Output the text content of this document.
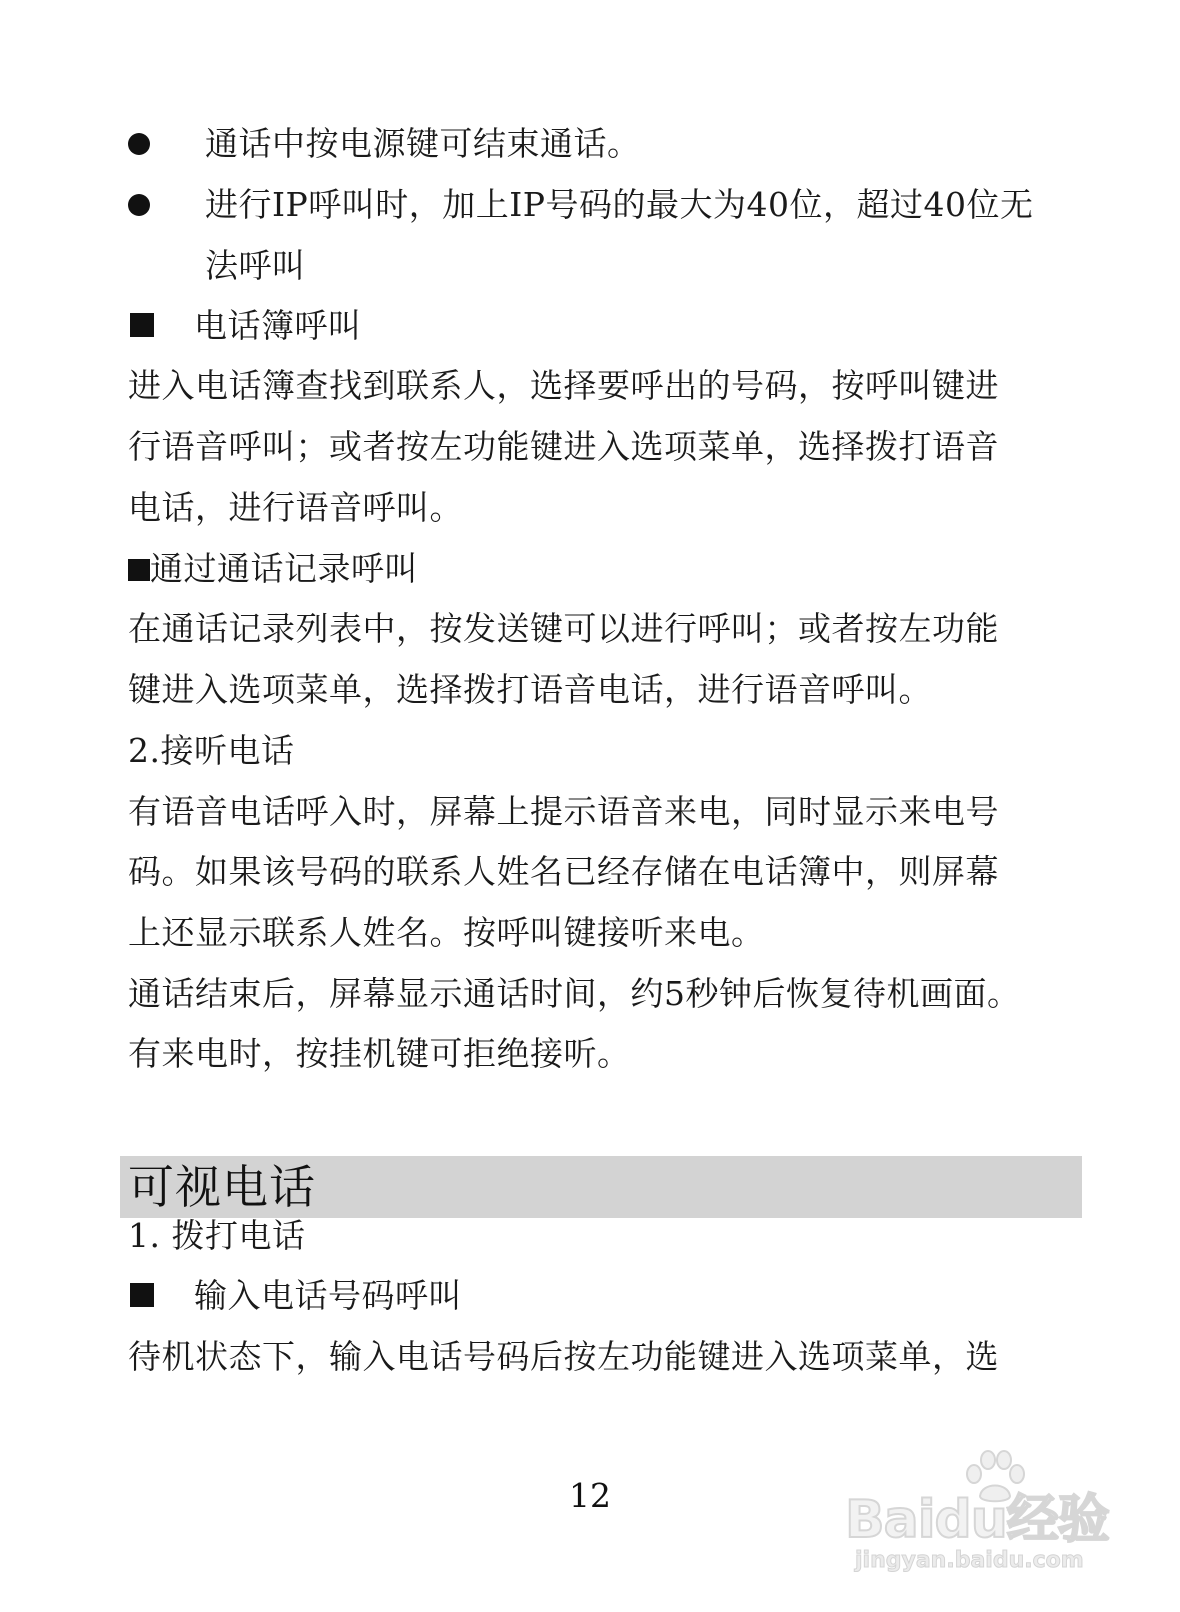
通话中按电源键可结束通话。
进行IP呼叫时，加上IP号码的最大为40位，超过40位无
法呼叫
电话簿呼叫
进入电话簿查找到联系人，选择要呼出的号码，按呼叫键进
行语音呼叫；或者按左功能键进入选项菜单，选择拨打语音
电话，进行语音呼叫。
通过通话记录呼叫
在通话记录列表中，按发送键可以进行呼叫；或者按左功能
键进入选项菜单，选择拨打语音电话，进行语音呼叫。
2.接听电话
有语音电话呼入时，屏幕上提示语音来电，同时显示来电号
码。如果该号码的联系人姓名已经存储在电话簿中，则屏幕
上还显示联系人姓名。按呼叫键接听来电。
通话结束后，屏幕显示通话时间，约5秒钟后恢复待机画面。
有来电时，按挂机键可拒绝接听。
可视电话
1. 拨打电话
输入电话号码呼叫
待机状态下，输入电话号码后按左功能键进入选项菜单，选
12	Baidu经验
jingyan.baidu.com
